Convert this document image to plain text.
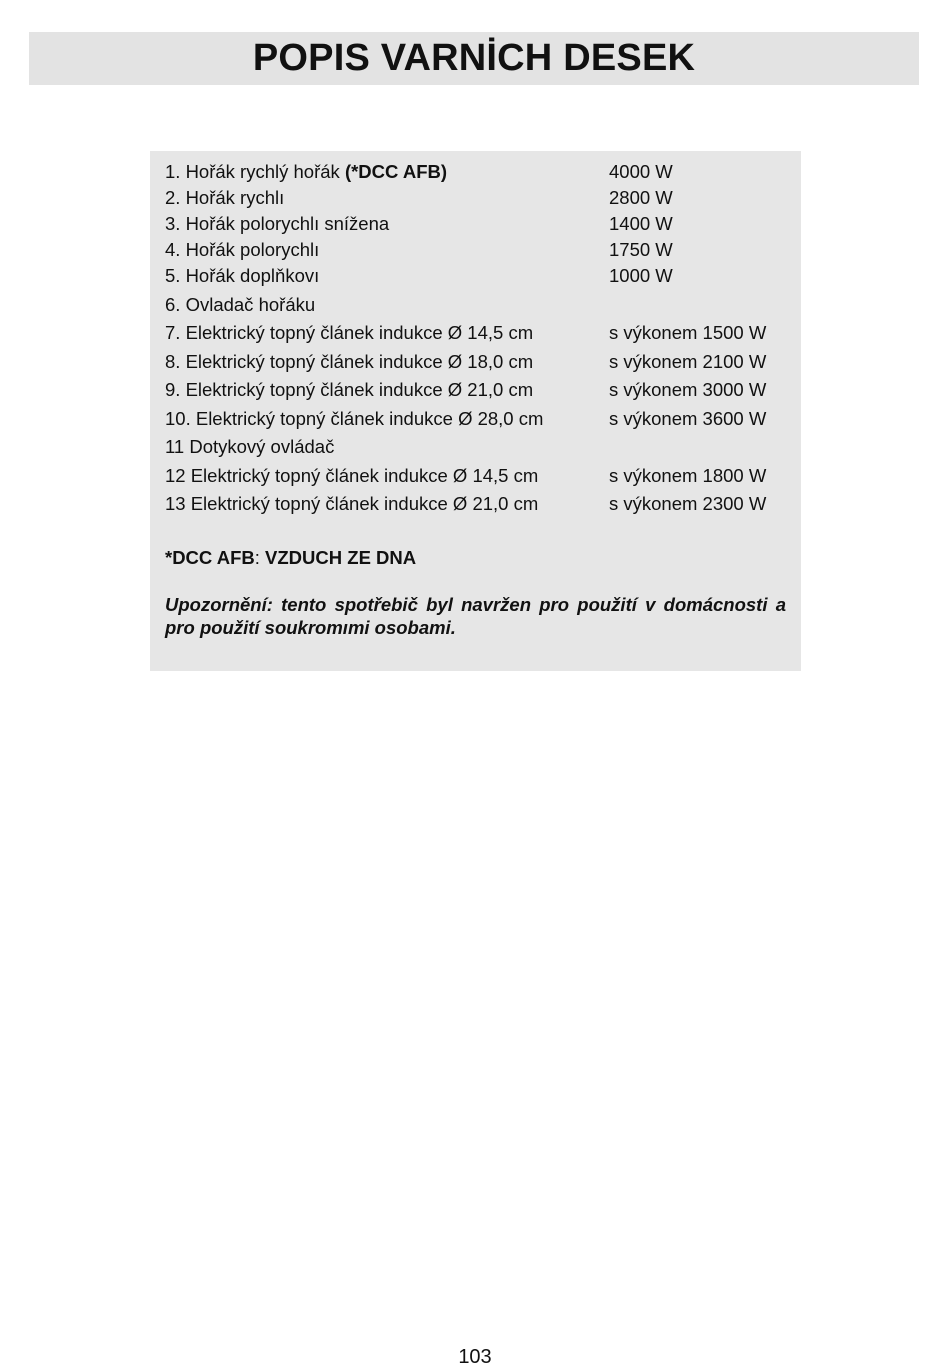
POPIS VARNİCH DESEK
1. Hořák rychlý hořák (*DCC AFB)	4000 W
2. Hořák rychlı	2800 W
3. Hořák polorychlı snížena	1400 W
4. Hořák polorychlı	1750 W
5. Hořák doplňkovı	1000 W
6. Ovladač hořáku
7. Elektrický topný článek indukce Ø 14,5 cm	s výkonem 1500 W
8. Elektrický topný článek indukce Ø 18,0 cm	s výkonem 2100 W
9. Elektrický topný článek indukce Ø 21,0 cm	s výkonem 3000 W
10. Elektrický topný článek indukce Ø 28,0 cm	s výkonem 3600 W
11 Dotykový ovládač
12 Elektrický topný článek indukce Ø 14,5 cm	s výkonem 1800 W
13 Elektrický topný článek indukce Ø 21,0 cm	s výkonem 2300 W
*DCC AFB: VZDUCH ZE DNA
Upozornění: tento spotřebič byl navržen pro použití v domácnosti a pro použití soukromımi osobami.
103
